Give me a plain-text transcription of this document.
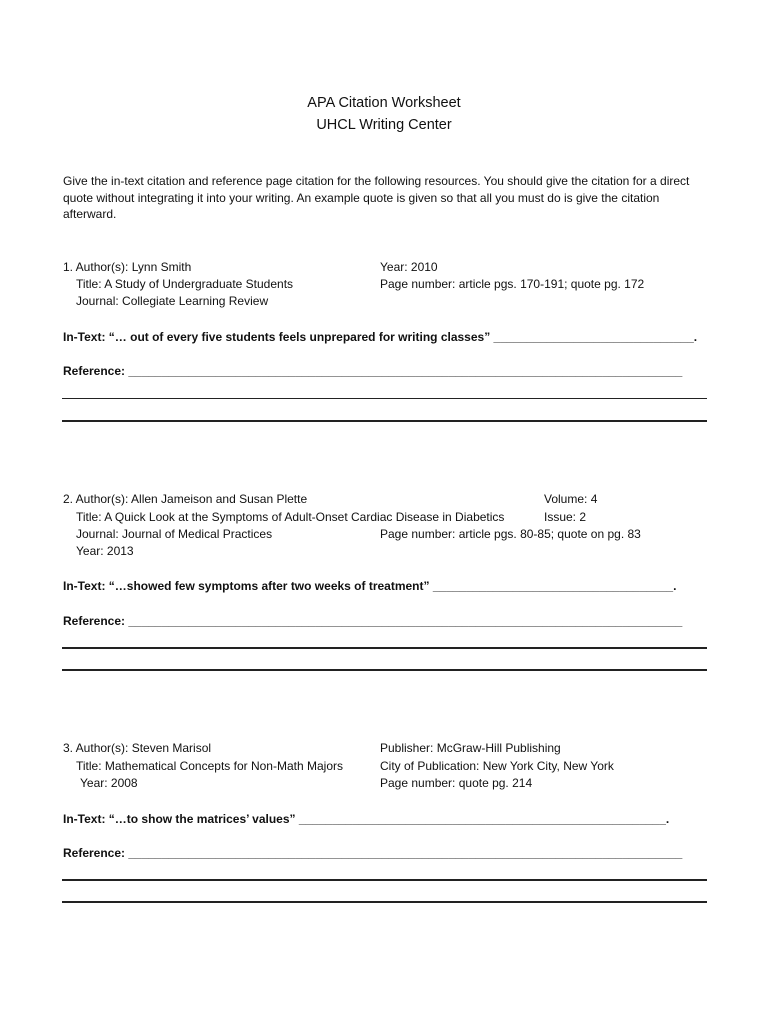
APA Citation Worksheet
UHCL Writing Center
Give the in-text citation and reference page citation for the following resources. You should give the citation for a direct quote without integrating it into your writing. An example quote is given so that all you must do is give the citation afterward.
1. Author(s): Lynn Smith
Title: A Study of Undergraduate Students
Journal: Collegiate Learning Review
Year: 2010
Page number: article pgs. 170-191; quote pg. 172
In-Text: “… out of every five students feels unprepared for writing classes” ______________________________.
Reference: ___________________________________________________________________________________
2. Author(s): Allen Jameison and Susan Plette
Title: A Quick Look at the Symptoms of Adult-Onset Cardiac Disease in Diabetics
Journal: Journal of Medical Practices
Year: 2013
Volume: 4
Issue: 2
Page number: article pgs. 80-85; quote on pg. 83
In-Text: “…showed few symptoms after two weeks of treatment” ____________________________________.
Reference: ___________________________________________________________________________________
3. Author(s): Steven Marisol
Title: Mathematical Concepts for Non-Math Majors
Year: 2008
Publisher: McGraw-Hill Publishing
City of Publication: New York City, New York
Page number: quote pg. 214
In-Text: “…to show the matrices’ values” _______________________________________________________.
Reference: ___________________________________________________________________________________
